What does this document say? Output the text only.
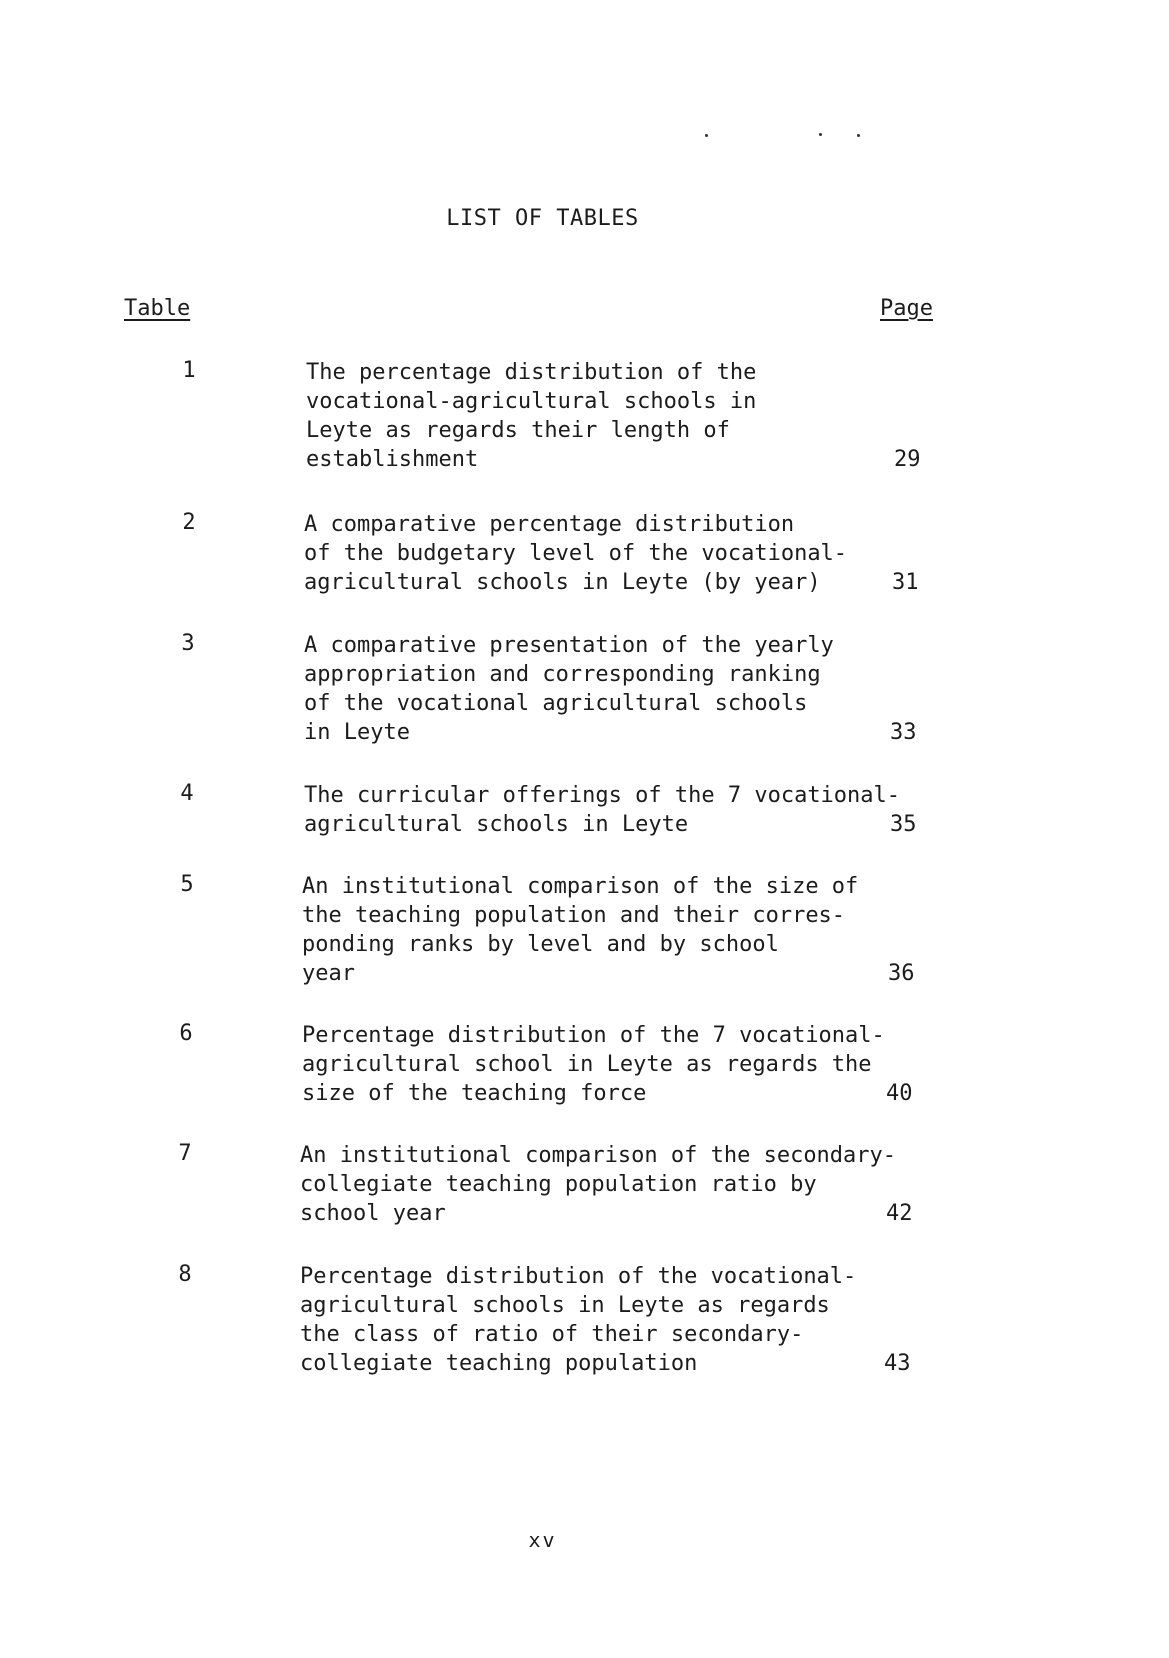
LIST OF TABLES
Table	Page
1	The percentage distribution of the
vocational-agricultural schools in
Leyte as regards their length of
establishment	29
2	A comparative percentage distribution
of the budgetary level of the vocational-
agricultural schools in Leyte (by year)	31
3	A comparative presentation of the yearly
appropriation and corresponding ranking
of the vocational agricultural schools
in Leyte	33
4	The curricular offerings of the 7 vocational-
agricultural schools in Leyte	35
5	An institutional comparison of the size of
the teaching population and their corres-
ponding ranks by level and by school
year	36
6	Percentage distribution of the 7 vocational-
agricultural school in Leyte as regards the
size of the teaching force	40
7	An institutional comparison of the secondary-
collegiate teaching population ratio by
school year	42
8	Percentage distribution of the vocational-
agricultural schools in Leyte as regards
the class of ratio of their secondary-
collegiate teaching population	43

xv
